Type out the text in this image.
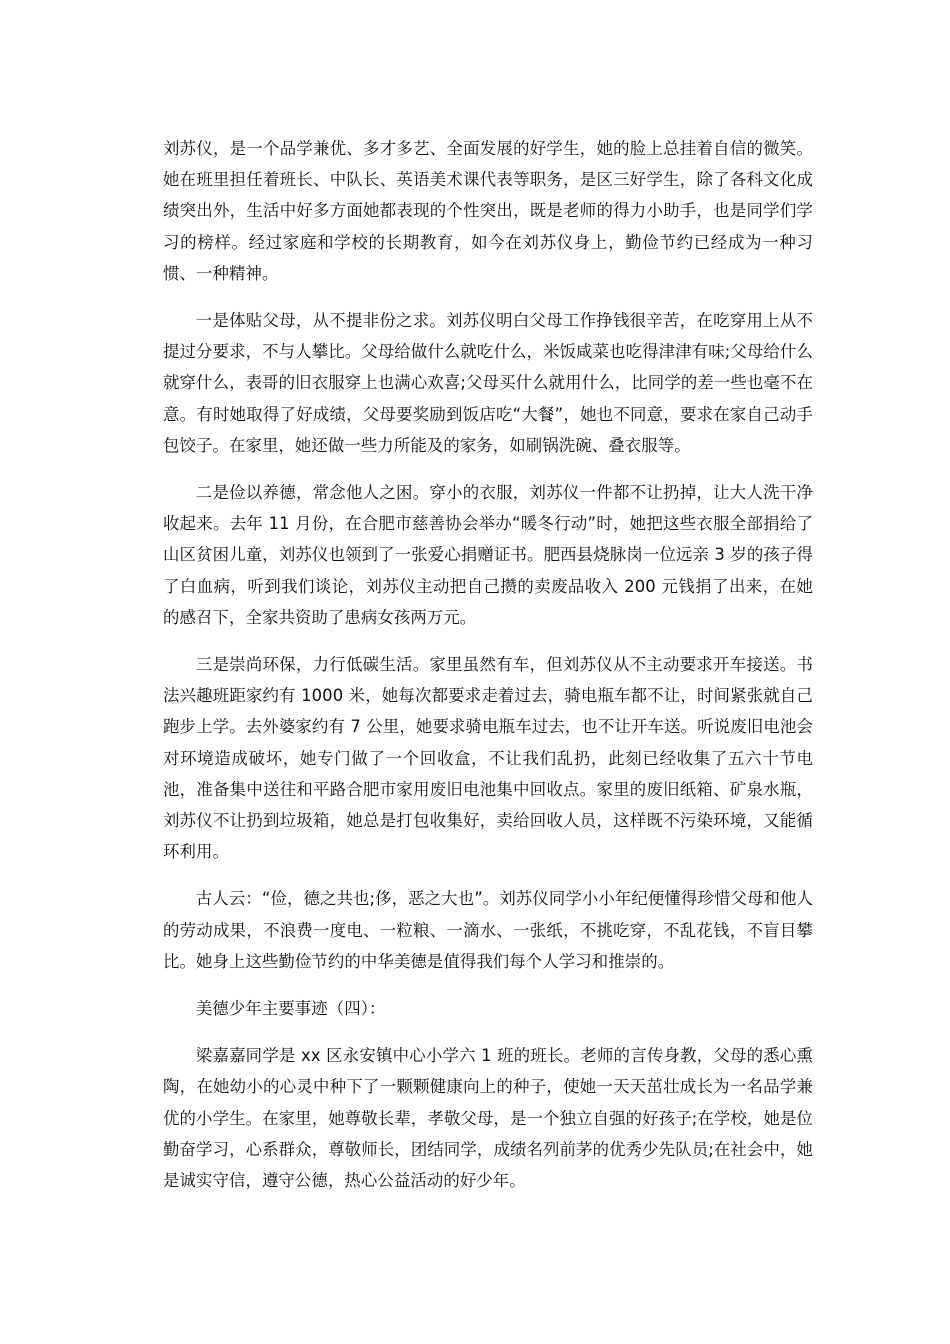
刘苏仪，是一个品学兼优、多才多艺、全面发展的好学生，她的脸上总挂着自信的微笑。她在班里担任着班长、中队长、英语美术课代表等职务，是区三好学生，除了各科文化成绩突出外，生活中好多方面她都表现的个性突出，既是老师的得力小助手，也是同学们学习的榜样。经过家庭和学校的长期教育，如今在刘苏仪身上，勤俭节约已经成为一种习惯、一种精神。

一是体贴父母，从不提非份之求。刘苏仪明白父母工作挣钱很辛苦，在吃穿用上从不提过分要求，不与人攀比。父母给做什么就吃什么，米饭咸菜也吃得津津有味;父母给什么就穿什么，表哥的旧衣服穿上也满心欢喜;父母买什么就用什么，比同学的差一些也毫不在意。有时她取得了好成绩，父母要奖励到饭店吃“大餐”，她也不同意，要求在家自己动手包饺子。在家里，她还做一些力所能及的家务，如刷锅洗碗、叠衣服等。

二是俭以养德，常念他人之困。穿小的衣服，刘苏仪一件都不让扔掉，让大人洗干净收起来。去年 11 月份，在合肥市慈善协会举办“暖冬行动”时，她把这些衣服全部捐给了山区贫困儿童，刘苏仪也领到了一张爱心捐赠证书。肥西县烧脉岗一位远亲 3 岁的孩子得了白血病，听到我们谈论，刘苏仪主动把自己攒的卖废品收入 200 元钱捐了出来，在她的感召下，全家共资助了患病女孩两万元。

三是崇尚环保，力行低碳生活。家里虽然有车，但刘苏仪从不主动要求开车接送。书法兴趣班距家约有 1000 米，她每次都要求走着过去，骑电瓶车都不让，时间紧张就自己跑步上学。去外婆家约有 7 公里，她要求骑电瓶车过去，也不让开车送。听说废旧电池会对环境造成破坏，她专门做了一个回收盒，不让我们乱扔，此刻已经收集了五六十节电池，准备集中送往和平路合肥市家用废旧电池集中回收点。家里的废旧纸箱、矿泉水瓶，刘苏仪不让扔到垃圾箱，她总是打包收集好，卖给回收人员，这样既不污染环境，又能循环利用。

古人云：“俭，德之共也;侈，恶之大也”。刘苏仪同学小小年纪便懂得珍惜父母和他人的劳动成果，不浪费一度电、一粒粮、一滴水、一张纸，不挑吃穿，不乱花钱，不盲目攀比。她身上这些勤俭节约的中华美德是值得我们每个人学习和推崇的。

美德少年主要事迹（四）：

梁嘉嘉同学是 xx 区永安镇中心小学六 1 班的班长。老师的言传身教，父母的悉心熏陶，在她幼小的心灵中种下了一颗颗健康向上的种子，使她一天天茁壮成长为一名品学兼优的小学生。在家里，她尊敬长辈，孝敬父母，是一个独立自强的好孩子;在学校，她是位勤奋学习，心系群众，尊敬师长，团结同学，成绩名列前茅的优秀少先队员;在社会中，她是诚实守信，遵守公德，热心公益活动的好少年。
